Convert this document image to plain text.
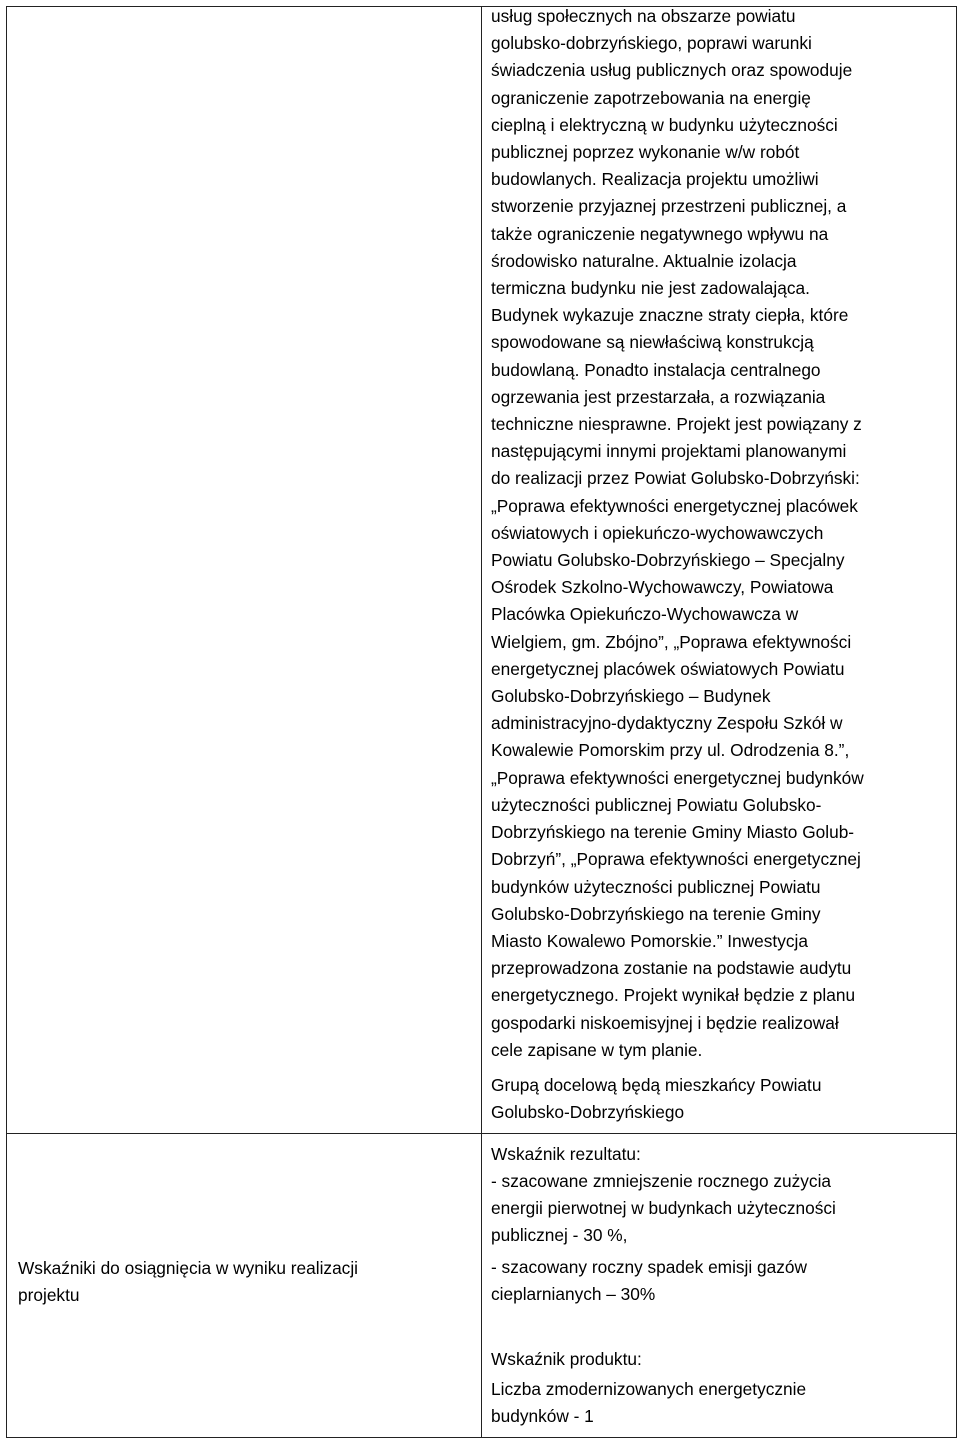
usług społecznych na obszarze powiatu
golubsko-dobrzyńskiego, poprawi warunki
świadczenia usług publicznych oraz spowoduje
ograniczenie zapotrzebowania na energię
cieplną i elektryczną w budynku użyteczności
publicznej poprzez wykonanie w/w robót
budowlanych. Realizacja projektu umożliwi
stworzenie przyjaznej przestrzeni publicznej, a
także ograniczenie negatywnego wpływu na
środowisko naturalne. Aktualnie izolacja
termiczna budynku nie jest zadowalająca.
Budynek wykazuje znaczne straty ciepła, które
spowodowane są niewłaściwą konstrukcją
budowlaną. Ponadto instalacja centralnego
ogrzewania jest przestarzała, a rozwiązania
techniczne niesprawne. Projekt jest powiązany z
następującymi innymi projektami planowanymi
do realizacji przez Powiat Golubsko-Dobrzyński:
„Poprawa efektywności energetycznej placówek
oświatowych i opiekuńczo-wychowawczych
Powiatu Golubsko-Dobrzyńskiego – Specjalny
Ośrodek Szkolno-Wychowawczy, Powiatowa
Placówka Opiekuńczo-Wychowawcza w
Wielgiem, gm. Zbójno”, „Poprawa efektywności
energetycznej placówek oświatowych Powiatu
Golubsko-Dobrzyńskiego – Budynek
administracyjno-dydaktyczny Zespołu Szkół w
Kowalewie Pomorskim przy ul. Odrodzenia 8.”,
„Poprawa efektywności energetycznej budynków
użyteczności publicznej Powiatu Golubsko-
Dobrzyńskiego na terenie Gminy Miasto Golub-
Dobrzyń”, „Poprawa efektywności energetycznej
budynków użyteczności publicznej Powiatu
Golubsko-Dobrzyńskiego na terenie Gminy
Miasto Kowalewo Pomorskie.” Inwestycja
przeprowadzona zostanie na podstawie audytu
energetycznego. Projekt wynikał będzie z planu
gospodarki niskoemisyjnej i będzie realizował
cele zapisane w tym planie.
Grupą docelową będą mieszkańcy Powiatu
Golubsko-Dobrzyńskiego
Wskaźniki do osiągnięcia w wyniku realizacji
projektu
Wskaźnik rezultatu:
- szacowane zmniejszenie rocznego zużycia
energii pierwotnej w budynkach użyteczności
publicznej - 30 %,
- szacowany roczny spadek emisji gazów
cieplarnianych – 30%
Wskaźnik produktu:
Liczba zmodernizowanych energetycznie
budynków - 1
